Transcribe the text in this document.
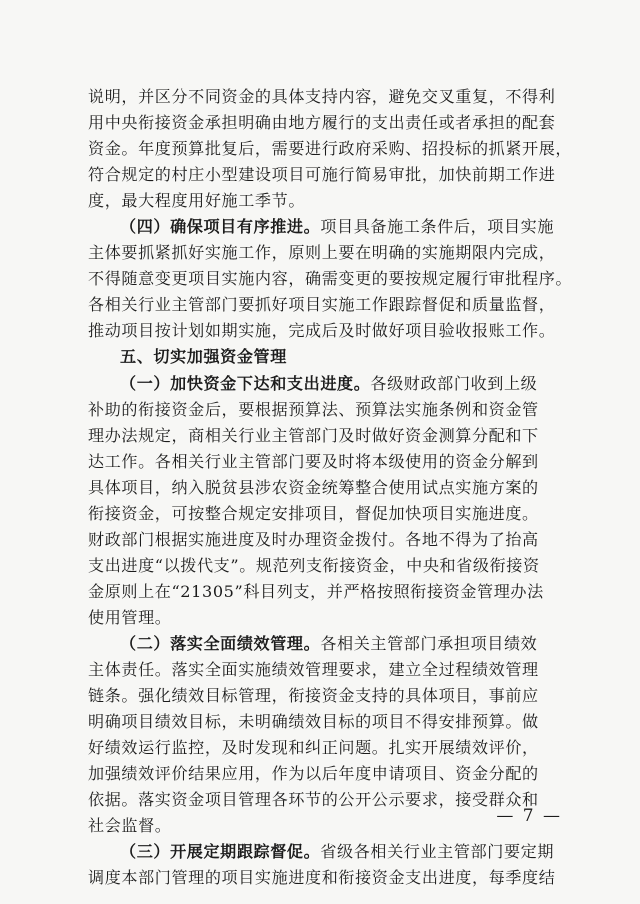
说明，并区分不同资金的具体支持内容，避免交叉重复，不得利
用中央衔接资金承担明确由地方履行的支出责任或者承担的配套
资金。年度预算批复后，需要进行政府采购、招投标的抓紧开展，
符合规定的村庄小型建设项目可施行简易审批，加快前期工作进
度，最大程度用好施工季节。
（四）确保项目有序推进。项目具备施工条件后，项目实施
主体要抓紧抓好实施工作，原则上要在明确的实施期限内完成，
不得随意变更项目实施内容，确需变更的要按规定履行审批程序。
各相关行业主管部门要抓好项目实施工作跟踪督促和质量监督，
推动项目按计划如期实施，完成后及时做好项目验收报账工作。
五、切实加强资金管理
（一）加快资金下达和支出进度。各级财政部门收到上级
补助的衔接资金后，要根据预算法、预算法实施条例和资金管
理办法规定，商相关行业主管部门及时做好资金测算分配和下
达工作。各相关行业主管部门要及时将本级使用的资金分解到
具体项目，纳入脱贫县涉农资金统筹整合使用试点实施方案的
衔接资金，可按整合规定安排项目，督促加快项目实施进度。
财政部门根据实施进度及时办理资金拨付。各地不得为了抬高
支出进度“以拨代支”。规范列支衔接资金，中央和省级衔接资
金原则上在“21305”科目列支，并严格按照衔接资金管理办法
使用管理。
（二）落实全面绩效管理。各相关主管部门承担项目绩效
主体责任。落实全面实施绩效管理要求，建立全过程绩效管理
链条。强化绩效目标管理，衔接资金支持的具体项目，事前应
明确项目绩效目标，未明确绩效目标的项目不得安排预算。做
好绩效运行监控，及时发现和纠正问题。扎实开展绩效评价，
加强绩效评价结果应用，作为以后年度申请项目、资金分配的
依据。落实资金项目管理各环节的公开公示要求，接受群众和
社会监督。
（三）开展定期跟踪督促。省级各相关行业主管部门要定期
调度本部门管理的项目实施进度和衔接资金支出进度，每季度结
— 7 —
